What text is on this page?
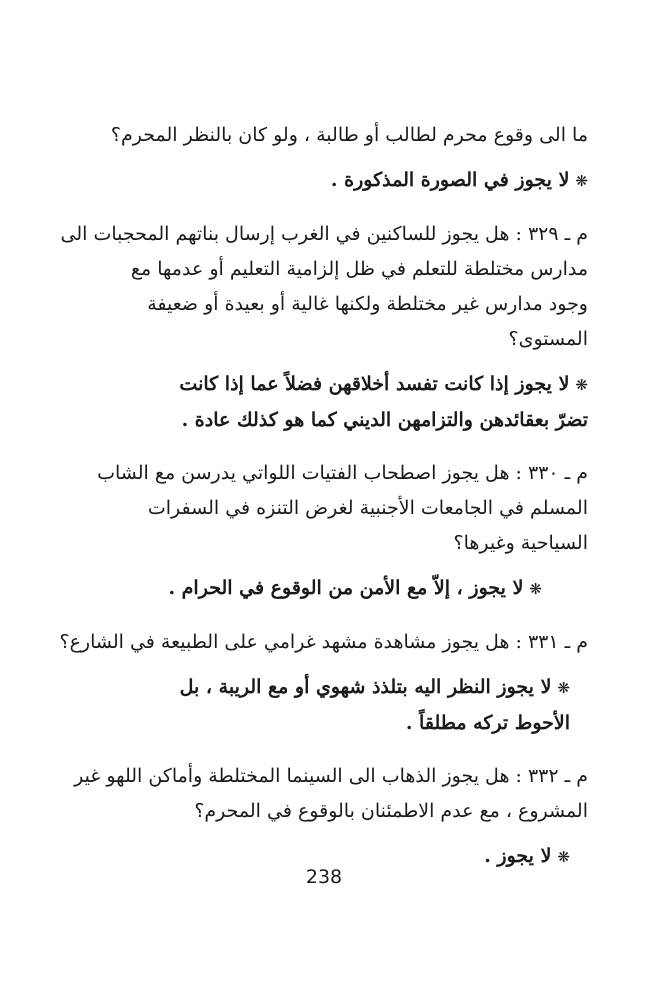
ما الى وقوع محرم لطالب أو طالبة ، ولو كان بالنظر المحرم؟
❋لا يجوز في الصورة المذكورة .
م ـ ٣٢٩ : هل يجوز للساكنين في الغرب إرسال بناتهم المحجبات الى
مدارس مختلطة للتعلم في ظل إلزامية التعليم أو عدمها مع
وجود مدارس غير مختلطة ولكنها غالية أو بعيدة أو ضعيفة
المستوى؟
❋لا يجوز إذا كانت تفسد أخلاقهن فضلاً عما إذا كانت
تضرّ بعقائدهن والتزامهن الديني كما هو كذلك عادة .
م ـ ٣٣٠ : هل يجوز اصطحاب الفتيات اللواتي يدرسن مع الشاب
المسلم في الجامعات الأجنبية لغرض التنزه في السفرات
السياحية وغيرها؟
❋لا يجوز ، إلاّ مع الأمن من الوقوع في الحرام .
م ـ ٣٣١ : هل يجوز مشاهدة مشهد غرامي على الطبيعة في الشارع؟
❋لا يجوز النظر اليه بتلذذ شهوي أو مع الريبة ، بل
الأحوط تركه مطلقاً .
م ـ ٣٣٢ : هل يجوز الذهاب الى السينما المختلطة وأماكن اللهو غير
المشروع ، مع عدم الاطمئنان بالوقوع في المحرم؟
❋لا يجوز .
238
